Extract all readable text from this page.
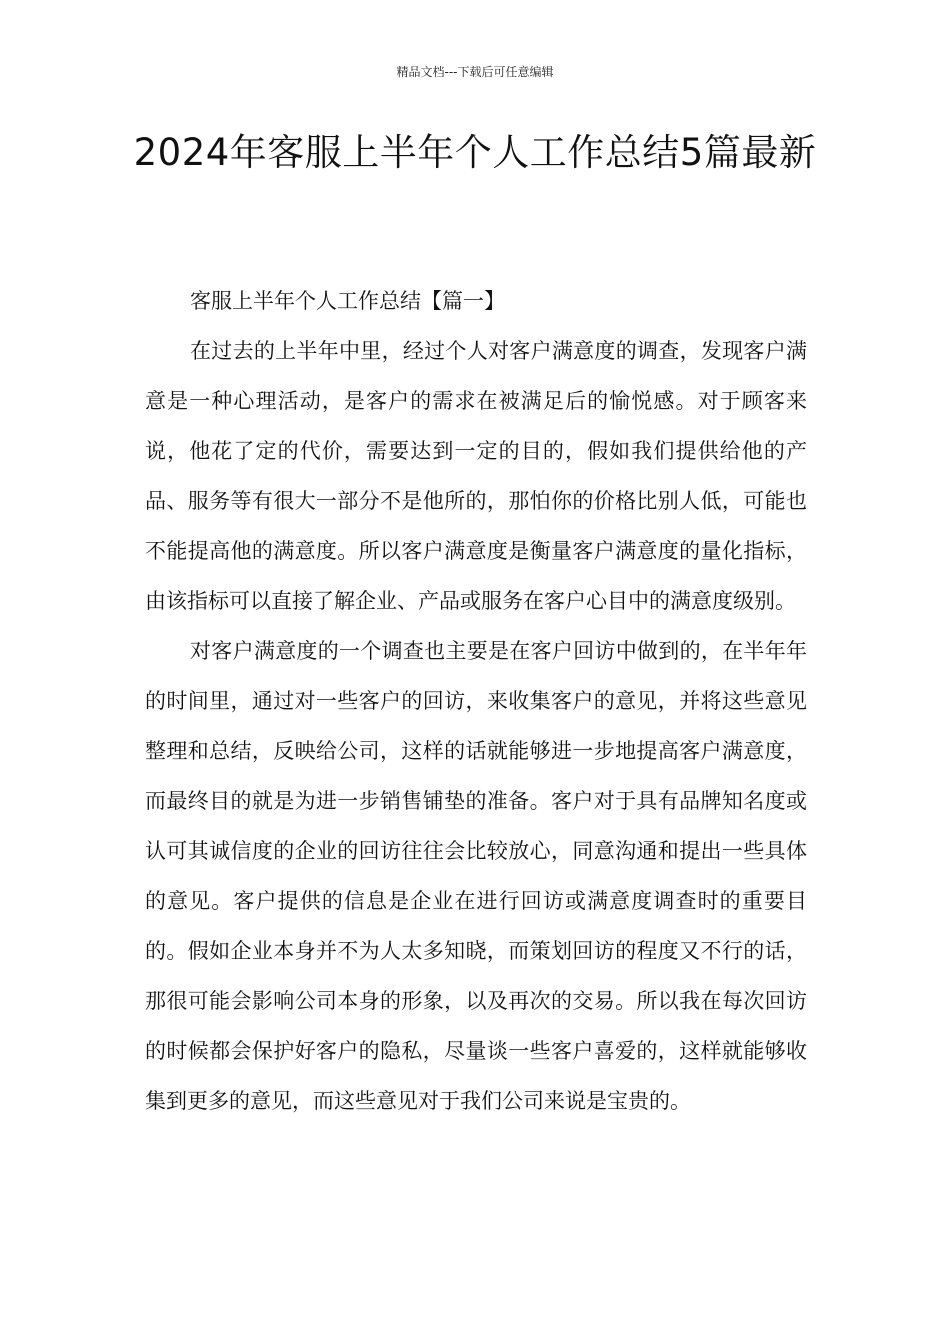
精品文档---下载后可任意编辑
2024年客服上半年个人工作总结5篇最新

客服上半年个人工作总结【篇一】

在过去的上半年中里，经过个人对客户满意度的调查，发现客户满意是一种心理活动，是客户的需求在被满足后的愉悦感。对于顾客来说，他花了定的代价，需要达到一定的目的，假如我们提供给他的产品、服务等有很大一部分不是他所的，那怕你的价格比别人低，可能也不能提高他的满意度。所以客户满意度是衡量客户满意度的量化指标，由该指标可以直接了解企业、产品或服务在客户心目中的满意度级别。

对客户满意度的一个调查也主要是在客户回访中做到的，在半年年的时间里，通过对一些客户的回访，来收集客户的意见，并将这些意见整理和总结，反映给公司，这样的话就能够进一步地提高客户满意度，而最终目的就是为进一步销售铺垫的准备。客户对于具有品牌知名度或认可其诚信度的企业的回访往往会比较放心，同意沟通和提出一些具体的意见。客户提供的信息是企业在进行回访或满意度调查时的重要目的。假如企业本身并不为人太多知晓，而策划回访的程度又不行的话，那很可能会影响公司本身的形象，以及再次的交易。所以我在每次回访的时候都会保护好客户的隐私，尽量谈一些客户喜爱的，这样就能够收集到更多的意见，而这些意见对于我们公司来说是宝贵的。
